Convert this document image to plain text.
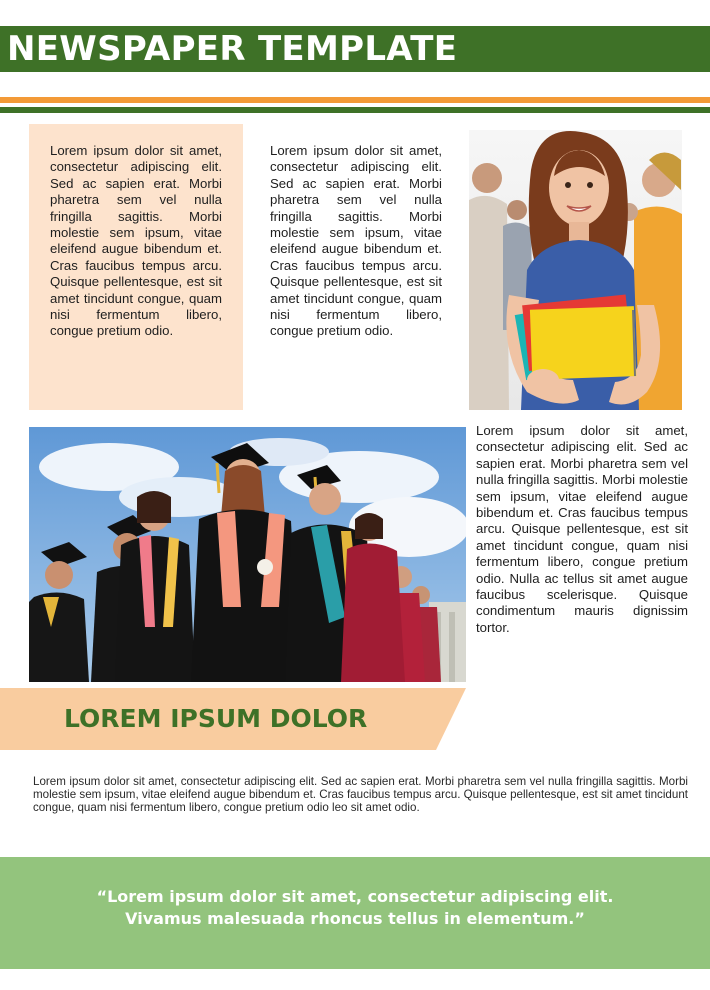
NEWSPAPER TEMPLATE
Lorem ipsum dolor sit amet, consectetur adipiscing elit. Sed ac sapien erat. Morbi pharetra sem vel nulla fringilla sagittis. Morbi molestie sem ipsum, vitae eleifend augue bibendum et. Cras faucibus tempus arcu. Quisque pellentesque, est sit amet tincidunt congue, quam nisi fermentum libero, congue pretium odio.
Lorem ipsum dolor sit amet, consectetur adipiscing elit. Sed ac sapien erat. Morbi pharetra sem vel nulla fringilla sagittis. Morbi molestie sem ipsum, vitae eleifend augue bibendum et. Cras faucibus tempus arcu. Quisque pellentesque, est sit amet tincidunt congue, quam nisi fermentum libero, congue pretium odio.
Lorem ipsum dolor sit amet, consectetur adipiscing elit. Sed ac sapien erat. Morbi pharetra sem vel nulla fringilla sagittis. Morbi molestie sem ipsum, vitae eleifend augue bibendum et. Cras faucibus tempus arcu. Quisque pellentesque, est sit amet tincidunt congue, quam nisi fermentum libero, congue pretium odio. Nulla ac tellus sit amet augue faucibus scelerisque. Quisque condimentum mauris dignissim tortor.
LOREM IPSUM DOLOR
Lorem ipsum dolor sit amet, consectetur adipiscing elit. Sed ac sapien erat. Morbi pharetra sem vel nulla fringilla sagittis. Morbi molestie sem ipsum, vitae eleifend augue bibendum et. Cras faucibus tempus arcu. Quisque pellentesque, est sit amet tincidunt congue, quam nisi fermentum libero, congue pretium odio leo sit amet odio.
“Lorem ipsum dolor sit amet, consectetur adipiscing elit.
Vivamus malesuada rhoncus tellus in elementum.”
